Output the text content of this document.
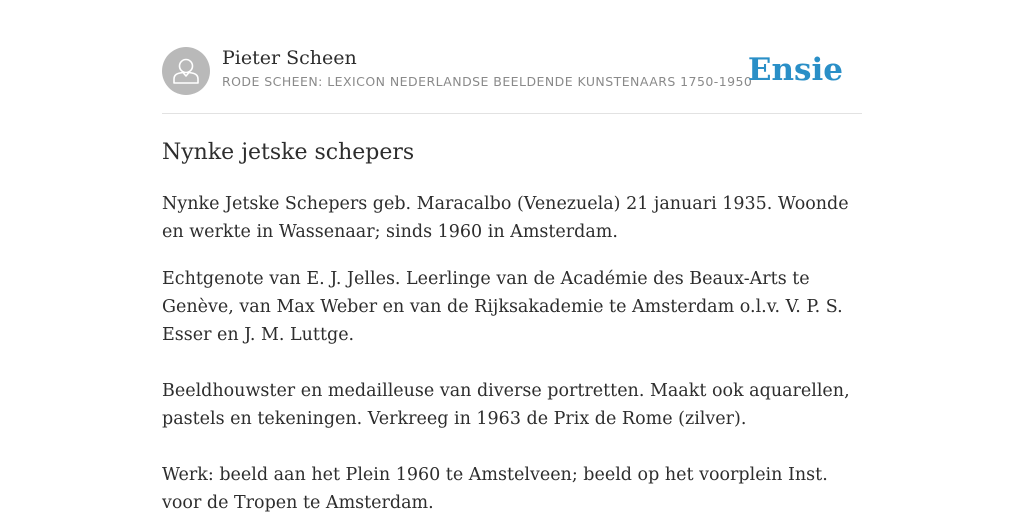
Pieter Scheen
RODE SCHEEN: LEXICON NEDERLANDSE BEELDENDE KUNSTENAARS 1750-1950
Ensie
Nynke jetske schepers

Nynke Jetske Schepers geb. Maracalbo (Venezuela) 21 januari 1935. Woonde en werkte in Wassenaar; sinds 1960 in Amsterdam.

Echtgenote van E. J. Jelles. Leerlinge van de Académie des Beaux-Arts te Genève, van Max Weber en van de Rijksakademie te Amsterdam o.l.v. V. P. S. Esser en J. M. Luttge.

Beeldhouwster en medailleuse van diverse portretten. Maakt ook aquarellen, pastels en tekeningen. Verkreeg in 1963 de Prix de Rome (zilver).

Werk: beeld aan het Plein 1960 te Amstelveen; beeld op het voorplein Inst. voor de Tropen te Amsterdam.
